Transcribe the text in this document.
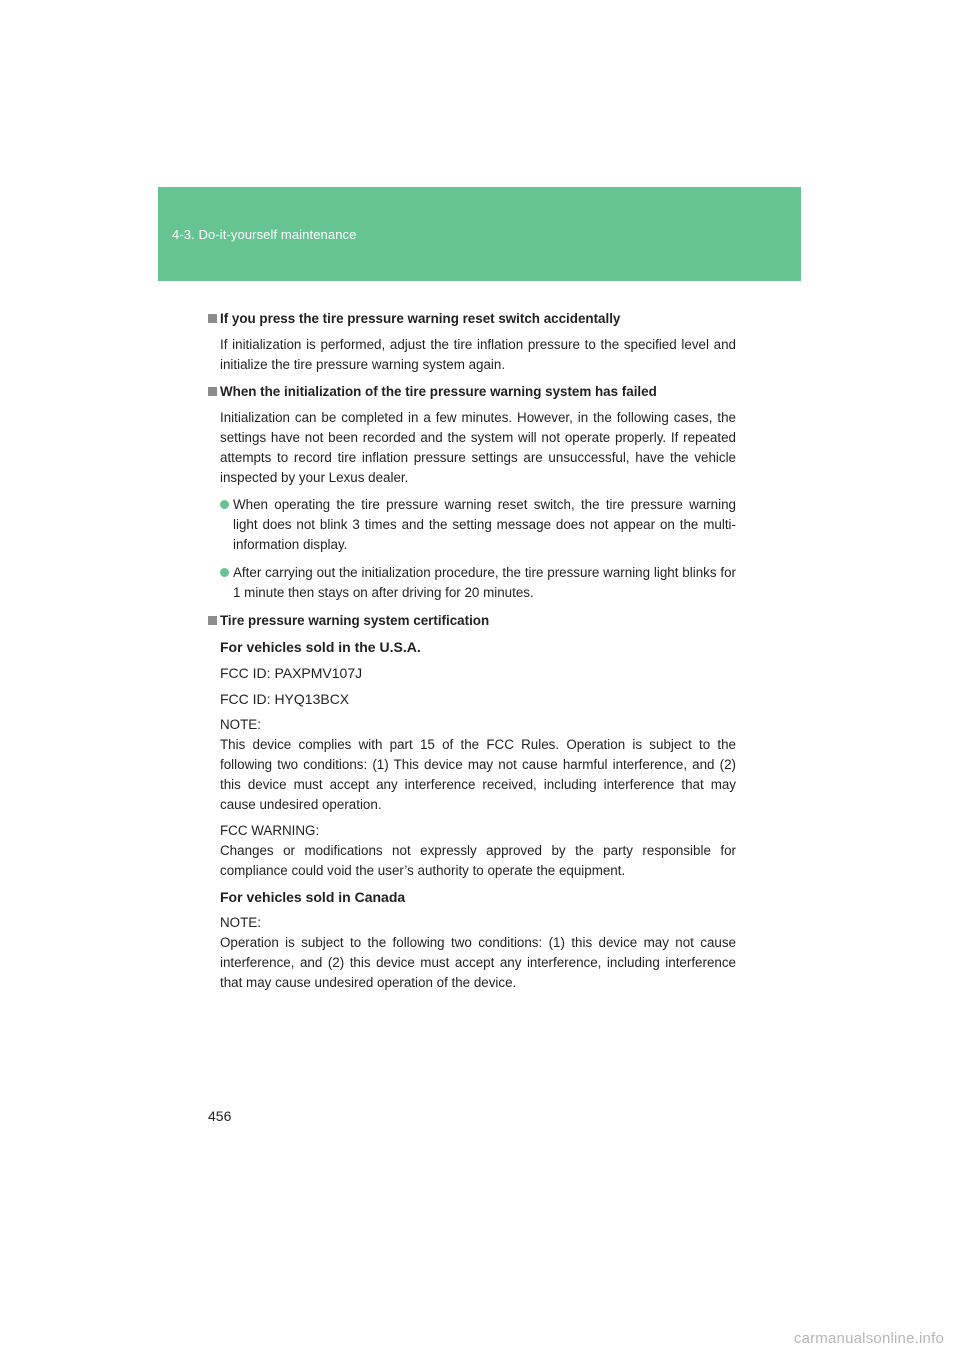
4-3. Do-it-yourself maintenance
If you press the tire pressure warning reset switch accidentally
If initialization is performed, adjust the tire inflation pressure to the specified level and initialize the tire pressure warning system again.
When the initialization of the tire pressure warning system has failed
Initialization can be completed in a few minutes. However, in the following cases, the settings have not been recorded and the system will not operate properly. If repeated attempts to record tire inflation pressure settings are unsuccessful, have the vehicle inspected by your Lexus dealer.
When operating the tire pressure warning reset switch, the tire pressure warning light does not blink 3 times and the setting message does not appear on the multi-information display.
After carrying out the initialization procedure, the tire pressure warning light blinks for 1 minute then stays on after driving for 20 minutes.
Tire pressure warning system certification
For vehicles sold in the U.S.A.
FCC ID: PAXPMV107J
FCC ID: HYQ13BCX
NOTE:
This device complies with part 15 of the FCC Rules. Operation is subject to the following two conditions: (1) This device may not cause harmful interference, and (2) this device must accept any interference received, including interference that may cause undesired operation.
FCC WARNING:
Changes or modifications not expressly approved by the party responsible for compliance could void the user’s authority to operate the equipment.
For vehicles sold in Canada
NOTE:
Operation is subject to the following two conditions: (1) this device may not cause interference, and (2) this device must accept any interference, including interference that may cause undesired operation of the device.
456
carmanualsonline.info
